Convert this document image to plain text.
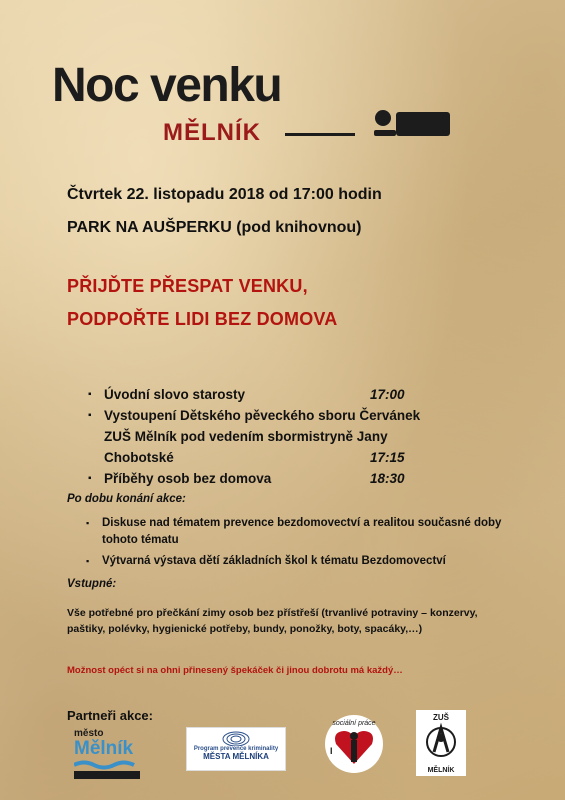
Noc venku
MĚLNÍK
Čtvrtek 22. listopadu 2018 od 17:00 hodin
PARK NA AUŠPERKU (pod knihovnou)
PŘIJĎTE PŘESPAT VENKU,
PODPOŘTE LIDI BEZ DOMOVA
▪ Úvodní slovo starosty	17:00
▪ Vystoupení Dětského pěveckého sboru Červánek ZUŠ Mělník pod vedením sbormistryně Jany Chobotské	17:15
▪ Příběhy osob bez domova	18:30
Po dobu konání akce:
▪ Diskuse nad tématem prevence bezdomovectví a realitou současné doby tohoto tématu
▪ Výtvarná výstava dětí základních škol k tématu Bezdomovectví
Vstupné:
Vše potřebné pro přečkání zimy osob bez přístřeší (trvanlivé potraviny – konzervy, paštiky, polévky, hygienické potřeby, bundy, ponožky, boty, spacáky,…)
Možnost opéct si na ohni přinesený špekáček či jinou dobrotu má každý…
Partneři akce:
město
Mělník	Program prevence kriminality
MĚSTA MĚLNÍKA
sociální práce
I
ZUŠ
MĚLNÍK
